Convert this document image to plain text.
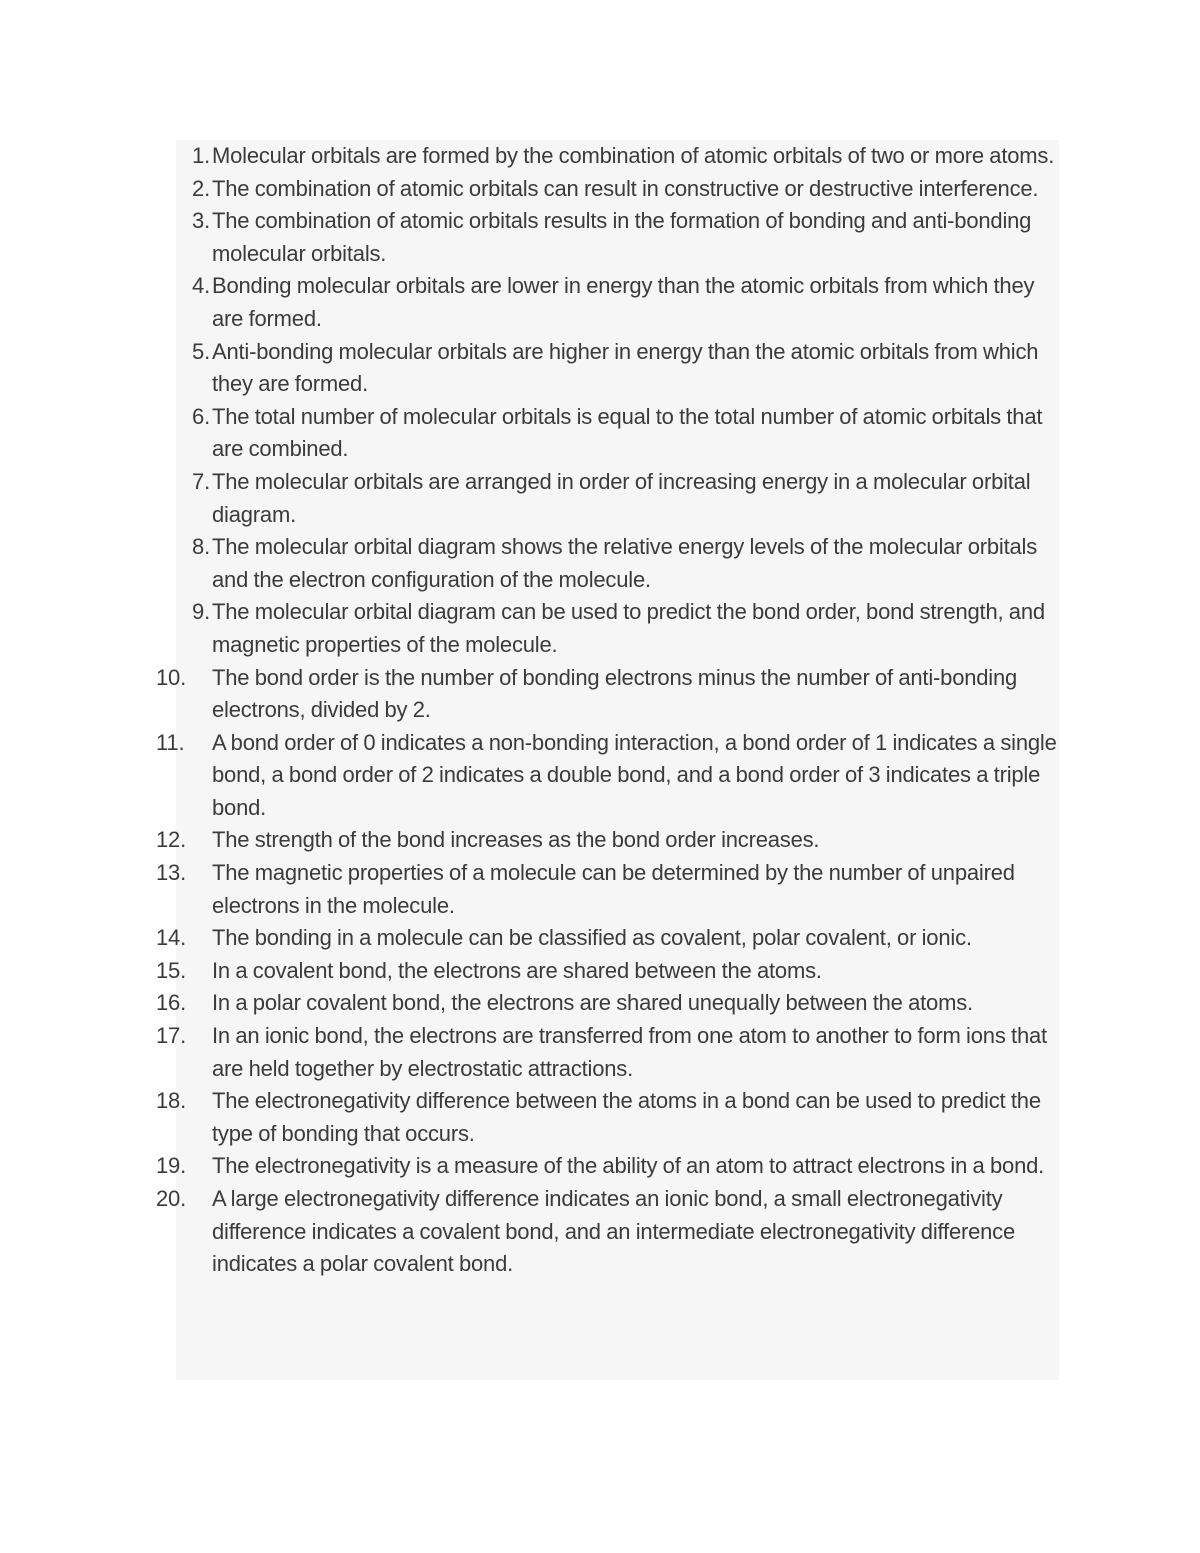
1. Molecular orbitals are formed by the combination of atomic orbitals of two or more atoms.
2. The combination of atomic orbitals can result in constructive or destructive interference.
3. The combination of atomic orbitals results in the formation of bonding and anti-bonding molecular orbitals.
4. Bonding molecular orbitals are lower in energy than the atomic orbitals from which they are formed.
5. Anti-bonding molecular orbitals are higher in energy than the atomic orbitals from which they are formed.
6. The total number of molecular orbitals is equal to the total number of atomic orbitals that are combined.
7. The molecular orbitals are arranged in order of increasing energy in a molecular orbital diagram.
8. The molecular orbital diagram shows the relative energy levels of the molecular orbitals and the electron configuration of the molecule.
9. The molecular orbital diagram can be used to predict the bond order, bond strength, and magnetic properties of the molecule.
10.	The bond order is the number of bonding electrons minus the number of anti-bonding electrons, divided by 2.
11.	A bond order of 0 indicates a non-bonding interaction, a bond order of 1 indicates a single bond, a bond order of 2 indicates a double bond, and a bond order of 3 indicates a triple bond.
12.	The strength of the bond increases as the bond order increases.
13.	The magnetic properties of a molecule can be determined by the number of unpaired electrons in the molecule.
14.	The bonding in a molecule can be classified as covalent, polar covalent, or ionic.
15.	In a covalent bond, the electrons are shared between the atoms.
16.	In a polar covalent bond, the electrons are shared unequally between the atoms.
17.	In an ionic bond, the electrons are transferred from one atom to another to form ions that are held together by electrostatic attractions.
18.	The electronegativity difference between the atoms in a bond can be used to predict the type of bonding that occurs.
19.	The electronegativity is a measure of the ability of an atom to attract electrons in a bond.
20.	A large electronegativity difference indicates an ionic bond, a small electronegativity difference indicates a covalent bond, and an intermediate electronegativity difference indicates a polar covalent bond.
